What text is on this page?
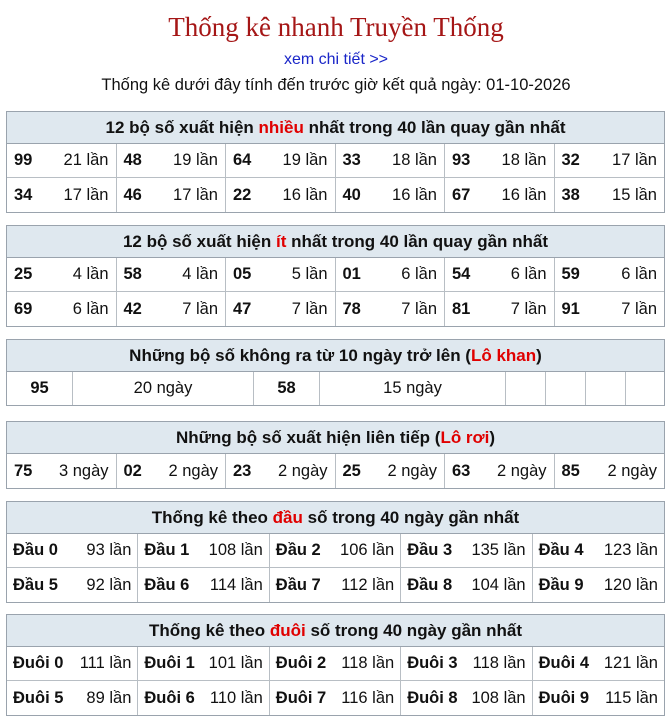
Thống kê nhanh Truyền Thống
xem chi tiết >>
Thống kê dưới đây tính đến trước giờ kết quả ngày: 01-10-2026
12 bộ số xuất hiện nhiều nhất trong 40 lần quay gần nhất
99 21 lần 48 19 lần 64 19 lần 33 18 lần 93 18 lần 32 17 lần
34 17 lần 46 17 lần 22 16 lần 40 16 lần 67 16 lần 38 15 lần
12 bộ số xuất hiện ít nhất trong 40 lần quay gần nhất
25 4 lần 58 4 lần 05 5 lần 01 6 lần 54 6 lần 59	6 lần
69 6 lần 42 7 lần 47 7 lần 78 7 lần 81 7 lần 91	7 lần
Những bộ số không ra từ 10 ngày trở lên (Lô khan)
95	20 ngày	58	15 ngày
Những bộ số xuất hiện liên tiếp (Lô rơi)
75 3 ngày 02 2 ngày 23 2 ngày 25 2 ngày 63 2 ngày 85 2 ngày
Thống kê theo đầu số trong 40 ngày gần nhất
Đầu 0 93 lần Đầu 1 108 lần Đầu 2 106 lần Đầu 3 135 lần Đầu 4 123 lần
Đầu 5 92 lần Đầu 6 114 lần Đầu 7 112 lần Đầu 8 104 lần Đầu 9 120 lần
Thống kê theo đuôi số trong 40 ngày gần nhất
Đuôi 0 111 lần Đuôi 1 101 lần Đuôi 2 118 lần Đuôi 3 118 lần Đuôi 4 121 lần
Đuôi 5 89 lần Đuôi 6 110 lần Đuôi 7 116 lần Đuôi 8 108 lần Đuôi 9 115 lần
